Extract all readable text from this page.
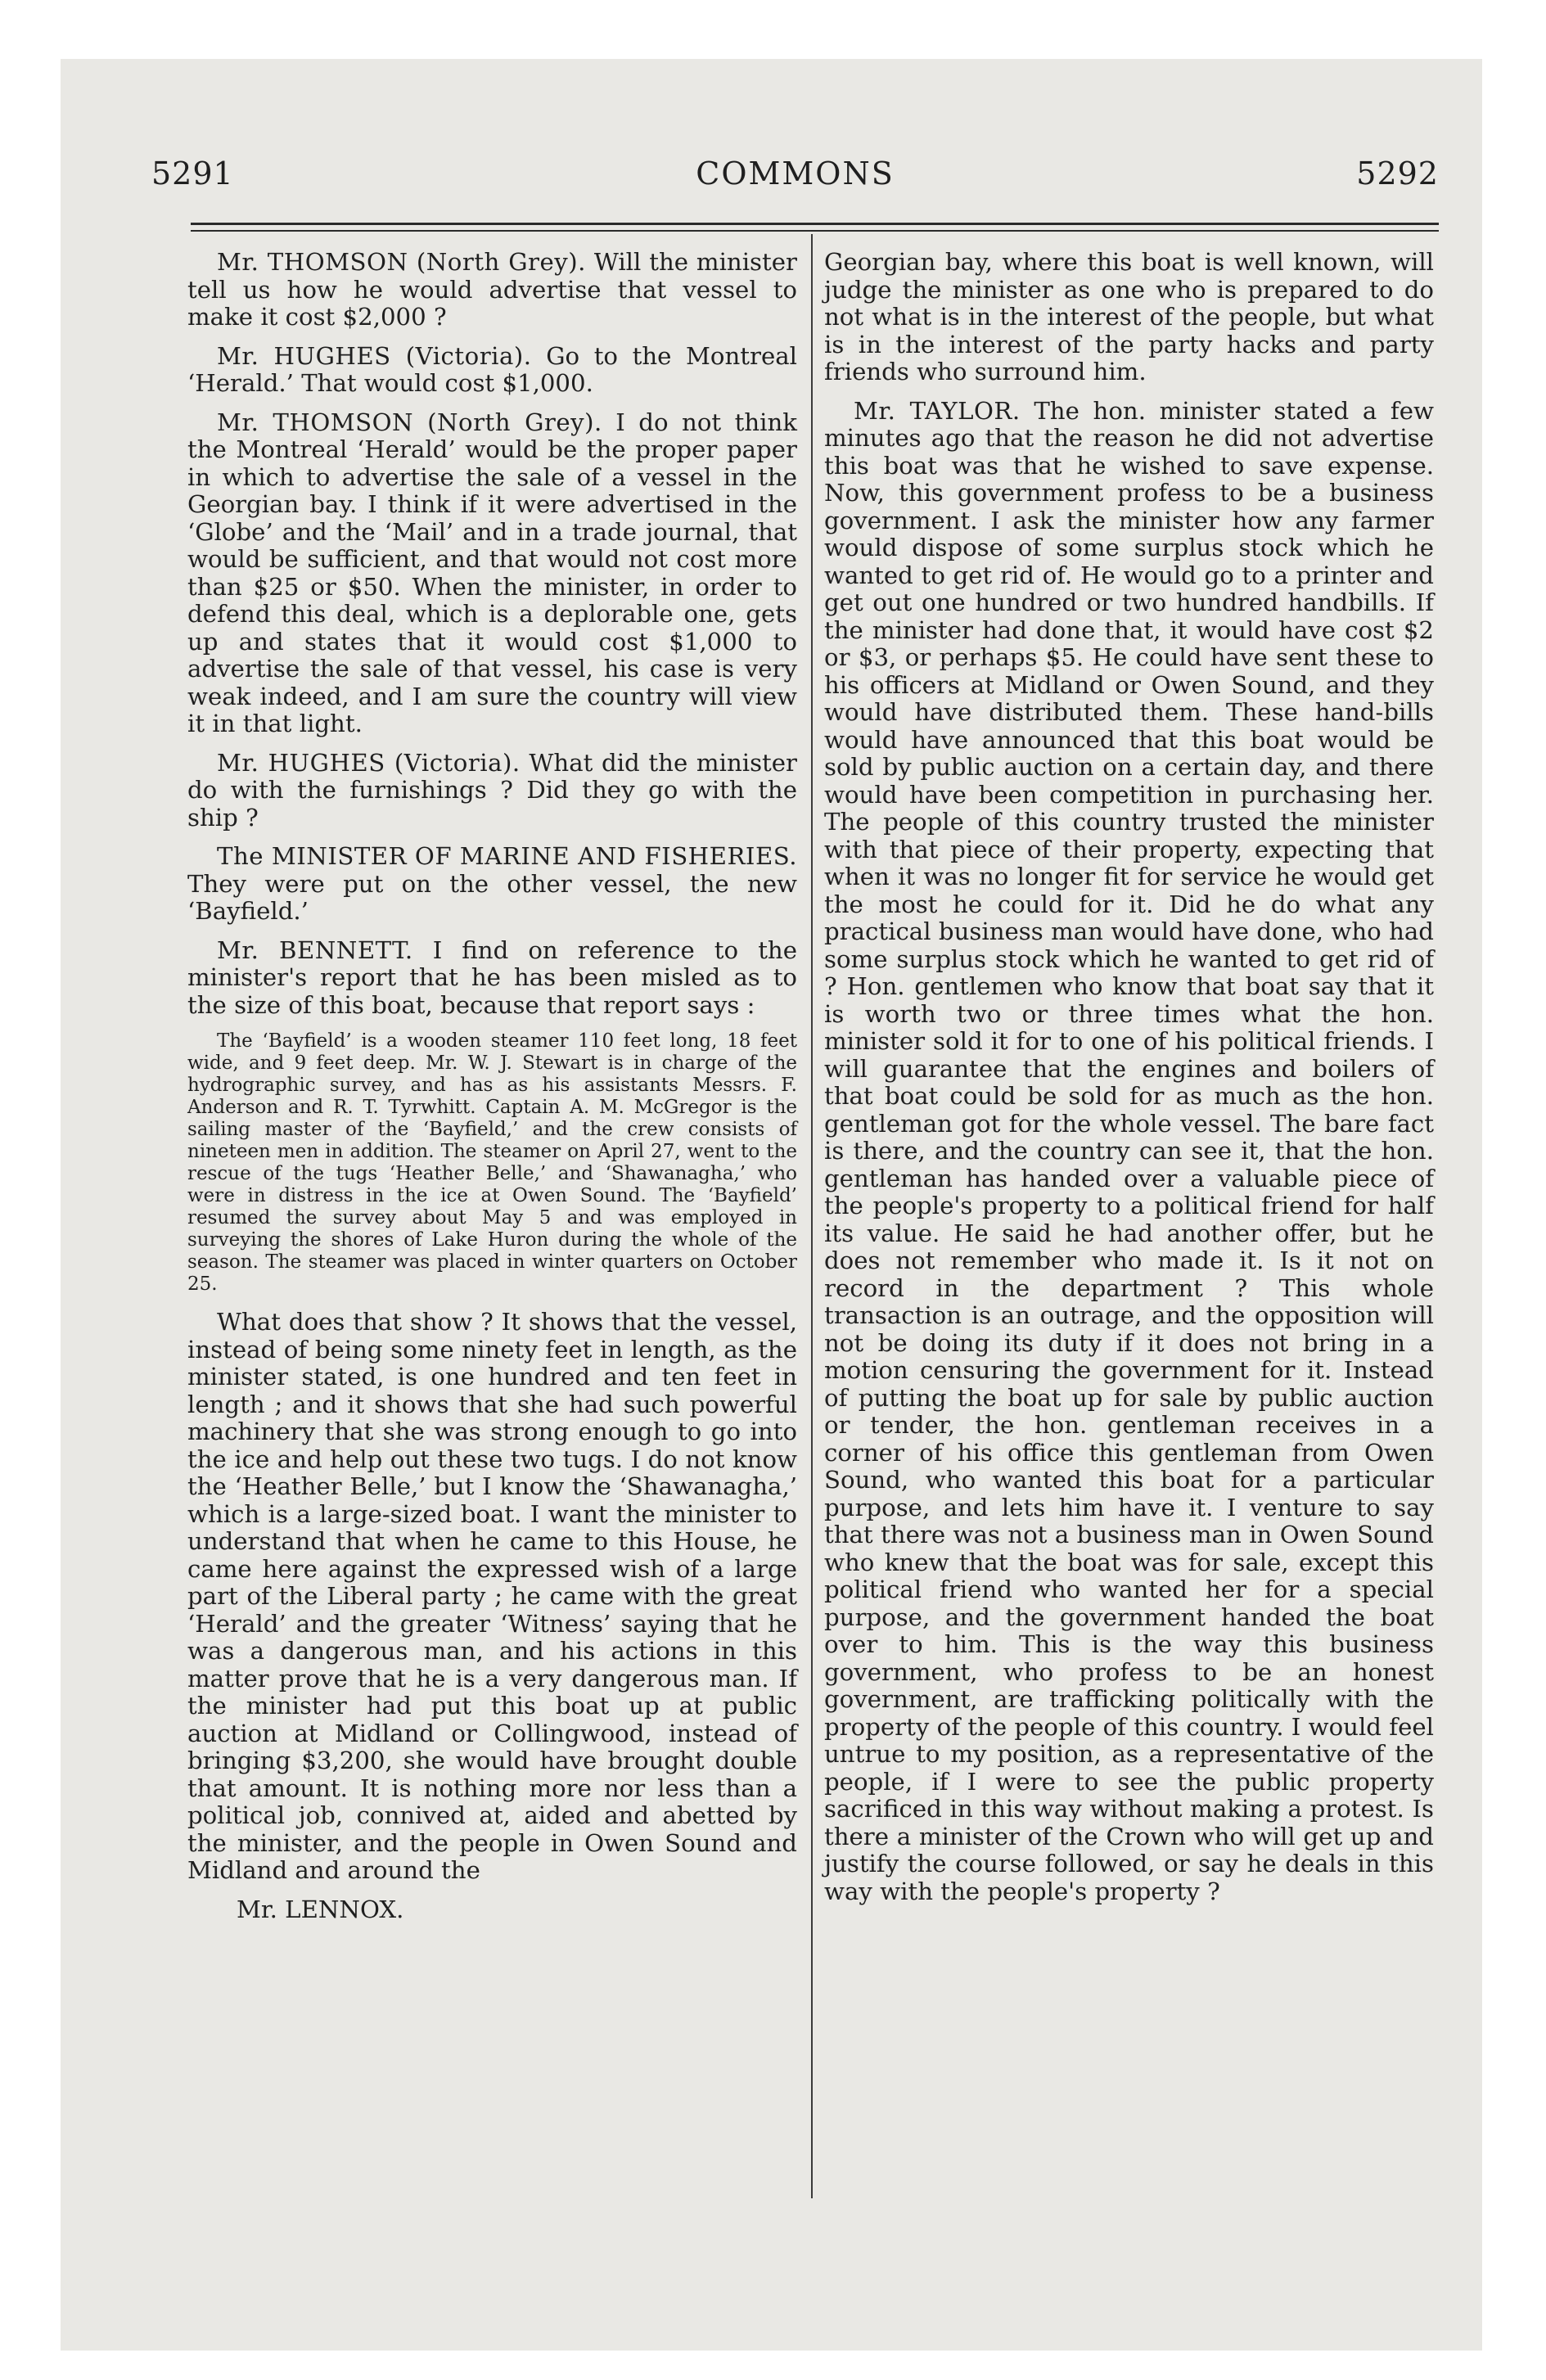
5291	COMMONS	5292

Mr. THOMSON (North Grey). Will the minister tell us how he would advertise that vessel to make it cost $2,000 ?

Mr. HUGHES (Victoria). Go to the Montreal ‘Herald.’ That would cost $1,000.

Mr. THOMSON (North Grey). I do not think the Montreal ‘Herald’ would be the proper paper in which to advertise the sale of a vessel in the Georgian bay. I think if it were advertised in the ‘Globe’ and the ‘Mail’ and in a trade journal, that would be sufficient, and that would not cost more than $25 or $50. When the minister, in order to defend this deal, which is a deplorable one, gets up and states that it would cost $1,000 to advertise the sale of that vessel, his case is very weak indeed, and I am sure the country will view it in that light.

Mr. HUGHES (Victoria). What did the minister do with the furnishings ? Did they go with the ship ?

The MINISTER OF MARINE AND FISHERIES. They were put on the other vessel, the new ‘Bayfield.’

Mr. BENNETT. I find on reference to the minister's report that he has been misled as to the size of this boat, because that report says :

The ‘Bayfield’ is a wooden steamer 110 feet long, 18 feet wide, and 9 feet deep. Mr. W. J. Stewart is in charge of the hydrographic survey, and has as his assistants Messrs. F. Anderson and R. T. Tyrwhitt. Captain A. M. McGregor is the sailing master of the ‘Bayfield,’ and the crew consists of nineteen men in addition. The steamer on April 27, went to the rescue of the tugs ‘Heather Belle,’ and ‘Shawanagha,’ who were in distress in the ice at Owen Sound. The ‘Bayfield’ resumed the survey about May 5 and was employed in surveying the shores of Lake Huron during the whole of the season. The steamer was placed in winter quarters on October 25.

What does that show ? It shows that the vessel, instead of being some ninety feet in length, as the minister stated, is one hundred and ten feet in length ; and it shows that she had such powerful machinery that she was strong enough to go into the ice and help out these two tugs. I do not know the ‘Heather Belle,’ but I know the ‘Shawanagha,’ which is a large-sized boat. I want the minister to understand that when he came to this House, he came here against the expressed wish of a large part of the Liberal party ; he came with the great ‘Herald’ and the greater ‘Witness’ saying that he was a dangerous man, and his actions in this matter prove that he is a very dangerous man. If the minister had put this boat up at public auction at Midland or Collingwood, instead of bringing $3,200, she would have brought double that amount. It is nothing more nor less than a political job, connived at, aided and abetted by the minister, and the people in Owen Sound and Midland and around the

Mr. LENNOX.

Georgian bay, where this boat is well known, will judge the minister as one who is prepared to do not what is in the interest of the people, but what is in the interest of the party hacks and party friends who surround him.

Mr. TAYLOR. The hon. minister stated a few minutes ago that the reason he did not advertise this boat was that he wished to save expense. Now, this government profess to be a business government. I ask the minister how any farmer would dispose of some surplus stock which he wanted to get rid of. He would go to a printer and get out one hundred or two hundred handbills. If the minister had done that, it would have cost $2 or $3, or perhaps $5. He could have sent these to his officers at Midland or Owen Sound, and they would have distributed them. These hand-bills would have announced that this boat would be sold by public auction on a certain day, and there would have been competition in purchasing her. The people of this country trusted the minister with that piece of their property, expecting that when it was no longer fit for service he would get the most he could for it. Did he do what any practical business man would have done, who had some surplus stock which he wanted to get rid of ? Hon. gentlemen who know that boat say that it is worth two or three times what the hon. minister sold it for to one of his political friends. I will guarantee that the engines and boilers of that boat could be sold for as much as the hon. gentleman got for the whole vessel. The bare fact is there, and the country can see it, that the hon. gentleman has handed over a valuable piece of the people's property to a political friend for half its value. He said he had another offer, but he does not remember who made it. Is it not on record in the department ? This whole transaction is an outrage, and the opposition will not be doing its duty if it does not bring in a motion censuring the government for it. Instead of putting the boat up for sale by public auction or tender, the hon. gentleman receives in a corner of his office this gentleman from Owen Sound, who wanted this boat for a particular purpose, and lets him have it. I venture to say that there was not a business man in Owen Sound who knew that the boat was for sale, except this political friend who wanted her for a special purpose, and the government handed the boat over to him. This is the way this business government, who profess to be an honest government, are trafficking politically with the property of the people of this country. I would feel untrue to my position, as a representative of the people, if I were to see the public property sacrificed in this way without making a protest. Is there a minister of the Crown who will get up and justify the course followed, or say he deals in this way with the people's property ?
